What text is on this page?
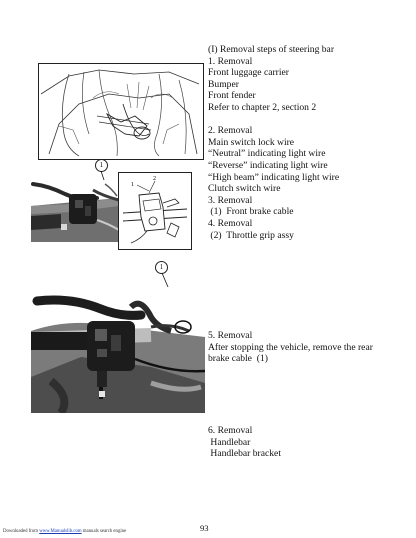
(I) Removal steps of steering bar
1. Removal
Front luggage carrier
Bumper
Front fender
Refer to chapter 2, section 2
2. Removal
Main switch lock wire
“Neutral” indicating light wire
“Reverse” indicating light wire
“High beam” indicating light wire
Clutch switch wire
3. Removal
(1)  Front brake cable
4. Removal
(2)  Throttle grip assy
5. Removal
After stopping the vehicle, remove the rear
brake cable  (1)
6. Removal
Handlebar
Handlebar bracket
1
2
1
1
93
Downloaded from www.Manualslib.com manuals search engine
